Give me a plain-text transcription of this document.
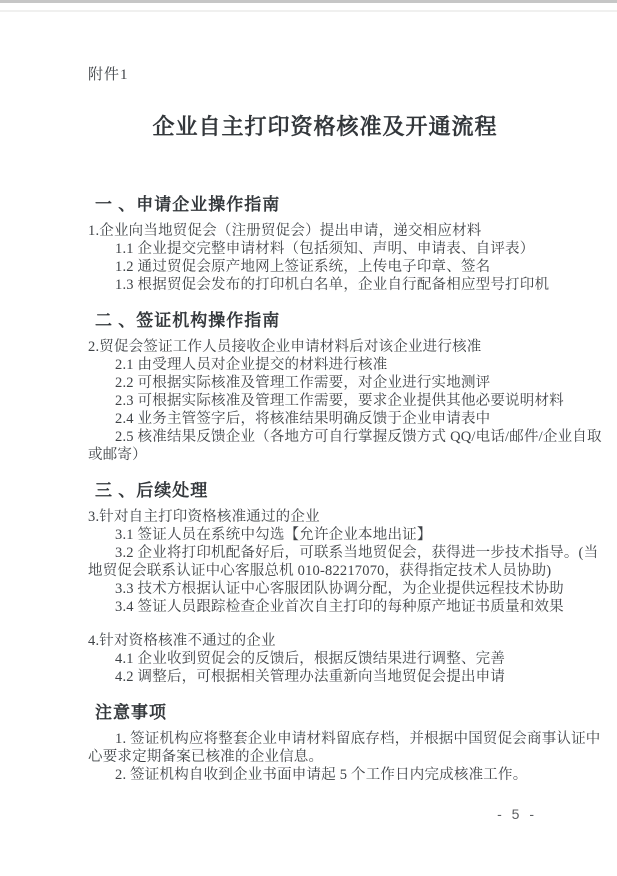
附件1
企业自主打印资格核准及开通流程
一 、申请企业操作指南
1.企业向当地贸促会（注册贸促会）提出申请，递交相应材料
1.1 企业提交完整申请材料（包括须知、声明、申请表、自评表）
1.2 通过贸促会原产地网上签证系统，上传电子印章、签名
1.3 根据贸促会发布的打印机白名单，企业自行配备相应型号打印机
二 、签证机构操作指南
2.贸促会签证工作人员接收企业申请材料后对该企业进行核准
2.1 由受理人员对企业提交的材料进行核准
2.2 可根据实际核准及管理工作需要，对企业进行实地测评
2.3 可根据实际核准及管理工作需要，要求企业提供其他必要说明材料
2.4 业务主管签字后，将核准结果明确反馈于企业申请表中
2.5 核准结果反馈企业（各地方可自行掌握反馈方式 QQ/电话/邮件/企业自取
或邮寄）
三 、后续处理
3.针对自主打印资格核准通过的企业
3.1 签证人员在系统中勾选【允许企业本地出证】
3.2 企业将打印机配备好后，可联系当地贸促会，获得进一步技术指导。(当
地贸促会联系认证中心客服总机 010-82217070，获得指定技术人员协助)
3.3 技术方根据认证中心客服团队协调分配，为企业提供远程技术协助
3.4 签证人员跟踪检查企业首次自主打印的每种原产地证书质量和效果
4.针对资格核准不通过的企业
4.1 企业收到贸促会的反馈后，根据反馈结果进行调整、完善
4.2 调整后，可根据相关管理办法重新向当地贸促会提出申请
注意事项
1. 签证机构应将整套企业申请材料留底存档，并根据中国贸促会商事认证中
心要求定期备案已核准的企业信息。
2. 签证机构自收到企业书面申请起 5 个工作日内完成核准工作。
- 5 -
